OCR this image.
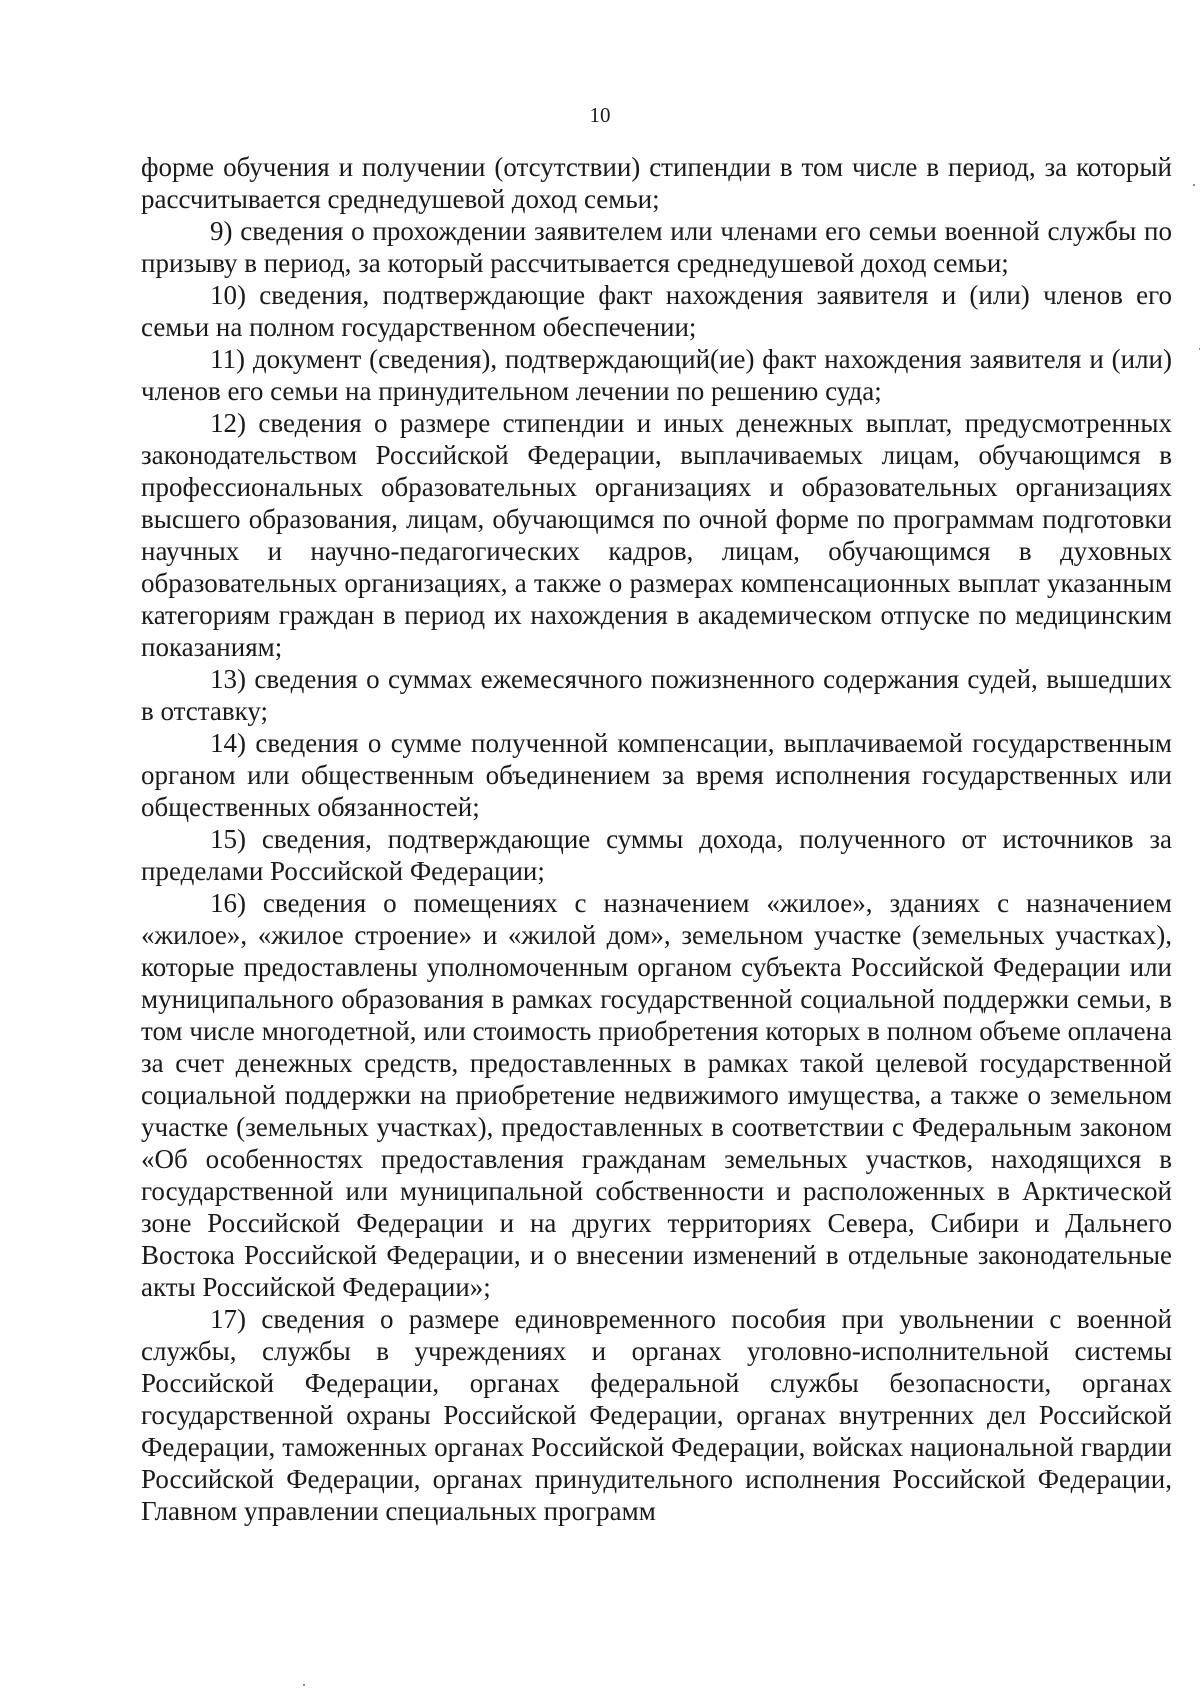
10

форме обучения и получении (отсутствии) стипендии в том числе в период, за который рассчитывается среднедушевой доход семьи;

9) сведения о прохождении заявителем или членами его семьи военной службы по призыву в период, за который рассчитывается среднедушевой доход семьи;

10) сведения, подтверждающие факт нахождения заявителя и (или) членов его семьи на полном государственном обеспечении;

11) документ (сведения), подтверждающий(ие) факт нахождения заявителя и (или) членов его семьи на принудительном лечении по решению суда;

12) сведения о размере стипендии и иных денежных выплат, предусмотренных законодательством Российской Федерации, выплачиваемых лицам, обучающимся в профессиональных образовательных организациях и образовательных организациях высшего образования, лицам, обучающимся по очной форме по программам подготовки научных и научно-педагогических кадров, лицам, обучающимся в духовных образовательных организациях, а также о размерах компенсационных выплат указанным категориям граждан в период их нахождения в академическом отпуске по медицинским показаниям;

13) сведения о суммах ежемесячного пожизненного содержания судей, вышедших в отставку;

14) сведения о сумме полученной компенсации, выплачиваемой государственным органом или общественным объединением за время исполнения государственных или общественных обязанностей;

15) сведения, подтверждающие суммы дохода, полученного от источников за пределами Российской Федерации;

16) сведения о помещениях с назначением «жилое», зданиях с назначением «жилое», «жилое строение» и «жилой дом», земельном участке (земельных участках), которые предоставлены уполномоченным органом субъекта Российской Федерации или муниципального образования в рамках государственной социальной поддержки семьи, в том числе многодетной, или стоимость приобретения которых в полном объеме оплачена за счет денежных средств, предоставленных в рамках такой целевой государственной социальной поддержки на приобретение недвижимого имущества, а также о земельном участке (земельных участках), предоставленных в соответствии с Федеральным законом «Об особенностях предоставления гражданам земельных участков, находящихся в государственной или муниципальной собственности и расположенных в Арктической зоне Российской Федерации и на других территориях Севера, Сибири и Дальнего Востока Российской Федерации, и о внесении изменений в отдельные законодательные акты Российской Федерации»;

17) сведения о размере единовременного пособия при увольнении с военной службы, службы в учреждениях и органах уголовно-исполнительной системы Российской Федерации, органах федеральной службы безопасности, органах государственной охраны Российской Федерации, органах внутренних дел Российской Федерации, таможенных органах Российской Федерации, войсках национальной гвардии Российской Федерации, органах принудительного исполнения Российской Федерации, Главном управлении специальных программ
